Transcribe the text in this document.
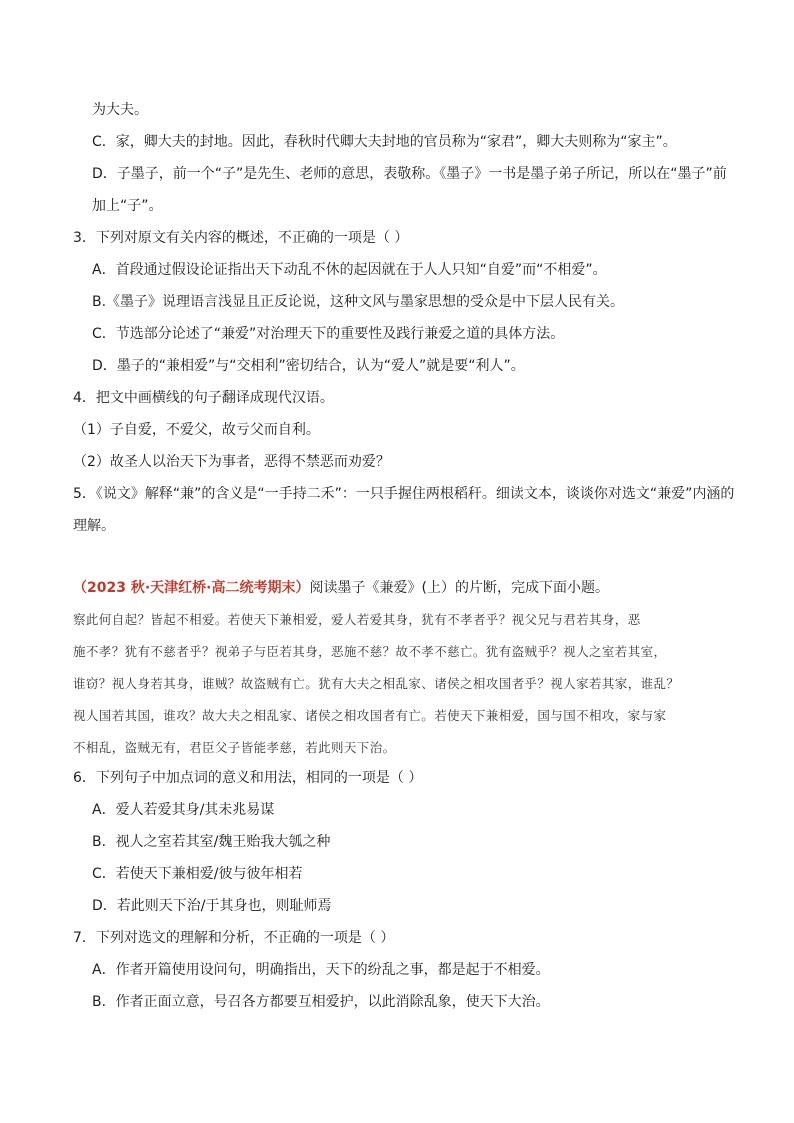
为大夫。
C．家，卿大夫的封地。因此，春秋时代卿大夫封地的官员称为“家君”，卿大夫则称为“家主”。
D．子墨子，前一个“子”是先生、老师的意思，表敬称。《墨子》一书是墨子弟子所记，所以在“墨子”前
加上“子”。
3．下列对原文有关内容的概述，不正确的一项是（ ）
A．首段通过假设论证指出天下动乱不休的起因就在于人人只知“自爱”而“不相爱”。
B.《墨子》说理语言浅显且正反论说，这种文风与墨家思想的受众是中下层人民有关。
C．节选部分论述了“兼爱”对治理天下的重要性及践行兼爱之道的具体方法。
D．墨子的“兼相爱”与“交相利”密切结合，认为“爱人”就是要“利人”。
4．把文中画横线的句子翻译成现代汉语。
（1）子自爱，不爱父，故亏父而自利。
（2）故圣人以治天下为事者，恶得不禁恶而劝爱？
5．《说文》解释“兼”的含义是“一手持二禾”：一只手握住两根稻秆。细读文本，谈谈你对选文“兼爱”内涵的
理解。
（2023 秋·天津红桥·高二统考期末）阅读墨子《兼爱》(上）的片断，完成下面小题。
察此何自起？皆起不相爱。若使天下兼相爱，爱人若爱其身，犹有不孝者乎？视父兄与君若其身，恶
施不孝？犹有不慈者乎？视弟子与臣若其身，恶施不慈？故不孝不慈亡。犹有盗贼乎？视人之室若其室，
谁窃？视人身若其身，谁贼？故盗贼有亡。犹有大夫之相乱家、诸侯之相攻国者乎？视人家若其家，谁乱？
视人国若其国，谁攻？故大夫之相乱家、诸侯之相攻国者有亡。若使天下兼相爱，国与国不相攻，家与家
不相乱，盗贼无有，君臣父子皆能孝慈，若此则天下治。
6．下列句子中加点词的意义和用法，相同的一项是（ ）
A．爱人若爱其身/其未兆易谋
B．视人之室若其室/魏王贻我大瓠之种
C．若使天下兼相爱/彼与彼年相若
D．若此则天下治/于其身也，则耻师焉
7．下列对选文的理解和分析，不正确的一项是（ ）
A．作者开篇使用设问句，明确指出，天下的纷乱之事，都是起于不相爱。
B．作者正面立意，号召各方都要互相爱护，以此消除乱象，使天下大治。
